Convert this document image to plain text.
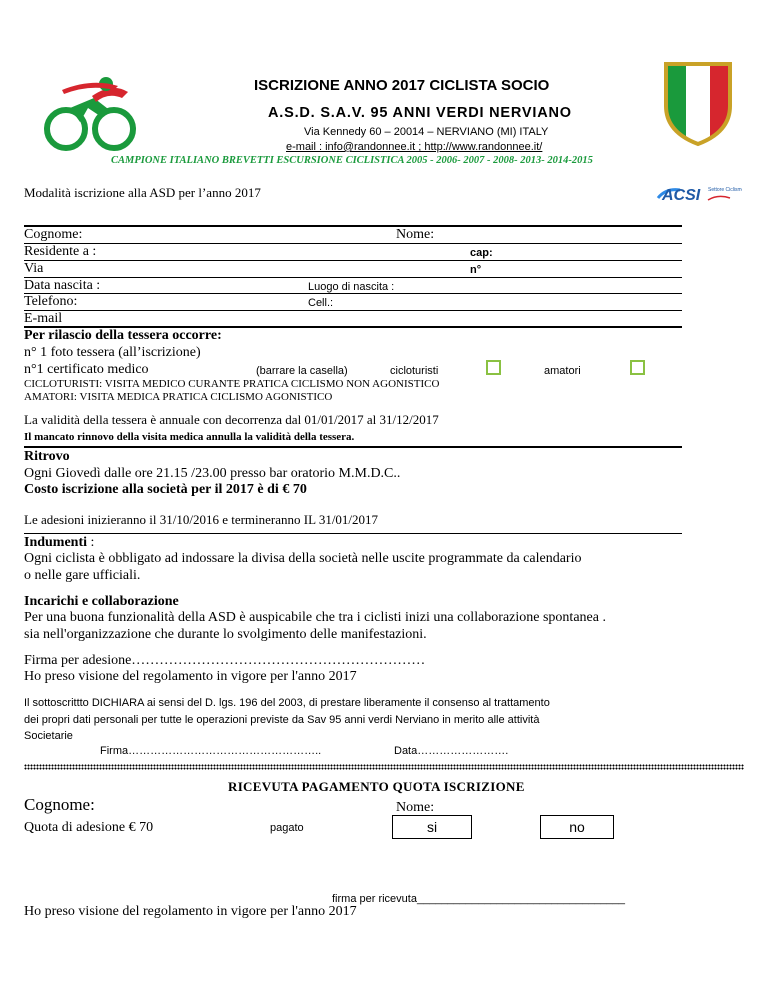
ISCRIZIONE ANNO 2017 CICLISTA SOCIO
A.S.D. S.A.V. 95 ANNI VERDI NERVIANO
Via Kennedy 60 – 20014 – NERVIANO (MI) ITALY
e-mail : info@randonnee.it ; http://www.randonnee.it/
CAMPIONE ITALIANO BREVETTI ESCURSIONE CICLISTICA 2005 - 2006- 2007 - 2008- 2013- 2014-2015
Modalità iscrizione alla ASD per l’anno 2017	ACSI Settore Ciclismo
Cognome:	Nome:
Residente a :	cap:
Via	n°
Data nascita :	Luogo di nascita :
Telefono:	Cell.:
E-mail
Per rilascio della tessera occorre:
n° 1 foto tessera (all’iscrizione)
n°1 certificato medico	(barrare la casella)	cicloturisti	amatori
CICLOTURISTI: VISITA MEDICO CURANTE PRATICA CICLISMO NON AGONISTICO
AMATORI: VISITA MEDICA PRATICA CICLISMO AGONISTICO
La validità della tessera è annuale con decorrenza dal 01/01/2017 al 31/12/2017
Il mancato rinnovo della visita medica annulla la validità della tessera.
Ritrovo
Ogni Giovedì dalle ore 21.15 /23.00 presso bar oratorio M.M.D.C..
Costo iscrizione alla società per il 2017 è di € 70
Le adesioni inizieranno il 31/10/2016 e termineranno IL 31/01/2017
Indumenti :
Ogni ciclista è obbligato ad indossare la divisa della società nelle uscite programmate da calendario
o nelle gare ufficiali.
Incarichi e collaborazione
Per una buona funzionalità della ASD è auspicabile che tra i ciclisti inizi una collaborazione spontanea .
sia nell'organizzazione che durante lo svolgimento delle manifestazioni.
Firma per adesione………………………………………………………
Ho preso visione del regolamento in vigore per l'anno 2017
Il sottoscrittto DICHIARA ai sensi del D. lgs. 196 del 2003, di prestare liberamente il consenso al trattamento
dei propri dati personali per tutte le operazioni previste da Sav 95 anni verdi Nerviano in merito alle attività
Societarie
Firma……………………………………………..	Data…………………….
RICEVUTA PAGAMENTO QUOTA ISCRIZIONE
Cognome:	Nome:
Quota di adesione € 70	pagato	si	no
firma per ricevuta__________________________________
Ho preso visione del regolamento in vigore per l'anno 2017
